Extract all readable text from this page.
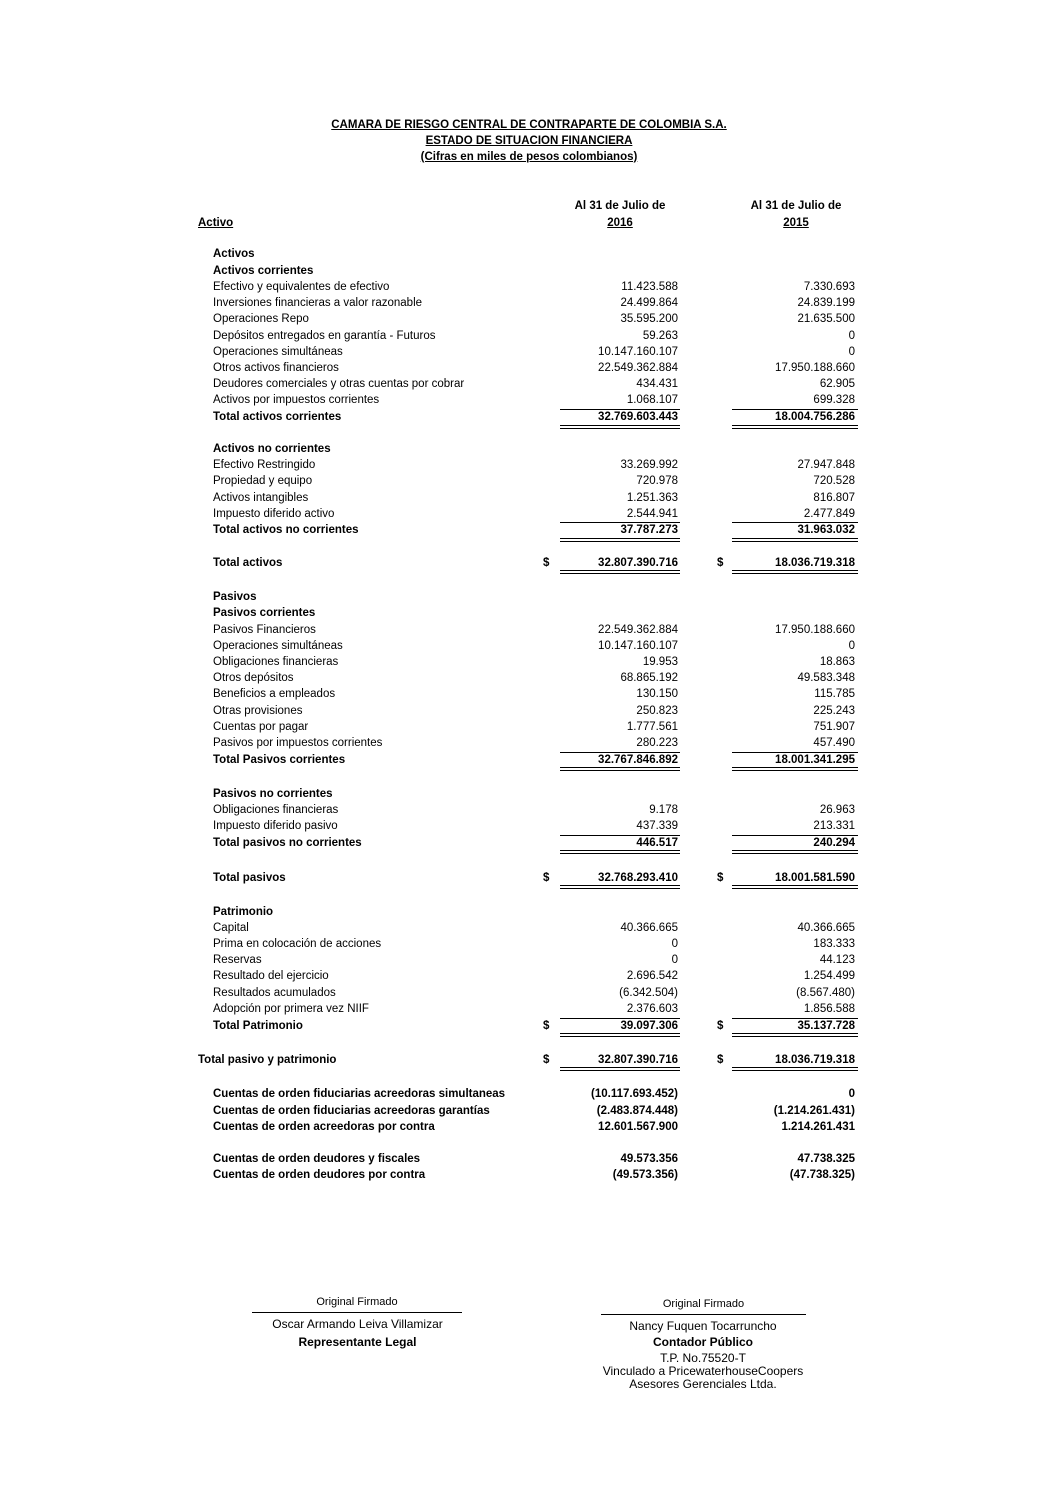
CAMARA DE RIESGO CENTRAL DE CONTRAPARTE DE COLOMBIA S.A.
ESTADO DE SITUACION FINANCIERA
(Cifras en miles de pesos colombianos)
Al 31 de Julio de
2016
Al 31 de Julio de
2015
Activo
Activos
Activos corrientes
Efectivo y equivalentes de efectivo	11.423.588	7.330.693
Inversiones financieras a valor razonable	24.499.864	24.839.199
Operaciones Repo	35.595.200	21.635.500
Depósitos entregados en garantía - Futuros	59.263	0
Operaciones simultáneas	10.147.160.107	0
Otros activos financieros	22.549.362.884	17.950.188.660
Deudores comerciales y otras cuentas por cobrar	434.431	62.905
Activos por impuestos corrientes	1.068.107	699.328
Total activos corrientes	32.769.603.443	18.004.756.286
Activos no corrientes
Efectivo Restringido	33.269.992	27.947.848
Propiedad y equipo	720.978	720.528
Activos intangibles	1.251.363	816.807
Impuesto diferido activo	2.544.941	2.477.849
Total activos no corrientes	37.787.273	31.963.032
Total activos	32.807.390.716	18.036.719.318
$	$
Pasivos
Pasivos corrientes
Pasivos Financieros	22.549.362.884	17.950.188.660
Operaciones simultáneas	10.147.160.107	0
Obligaciones financieras	19.953	18.863
Otros depósitos	68.865.192	49.583.348
Beneficios a empleados	130.150	115.785
Otras provisiones	250.823	225.243
Cuentas por pagar	1.777.561	751.907
Pasivos por impuestos corrientes	280.223	457.490
Total Pasivos corrientes	32.767.846.892	18.001.341.295
Pasivos no corrientes
Obligaciones financieras	9.178	26.963
Impuesto diferido pasivo	437.339	213.331
Total pasivos no corrientes	446.517	240.294
Total pasivos	32.768.293.410	18.001.581.590
$	$
Patrimonio
Capital	40.366.665	40.366.665
Prima en colocación de acciones	0	183.333
Reservas	0	44.123
Resultado del ejercicio	2.696.542	1.254.499
Resultados acumulados	(6.342.504)	(8.567.480)
Adopción por primera vez NIIF	2.376.603	1.856.588
Total Patrimonio	39.097.306	35.137.728
$	$
Total pasivo y patrimonio	32.807.390.716	18.036.719.318
$	$
Cuentas de orden fiduciarias acreedoras simultaneas	(10.117.693.452)	0
Cuentas de orden fiduciarias acreedoras garantías	(2.483.874.448)	(1.214.261.431)
Cuentas de orden acreedoras por contra	12.601.567.900	1.214.261.431
Cuentas de orden deudores y fiscales	49.573.356	47.738.325
Cuentas de orden deudores por contra	(49.573.356)	(47.738.325)
Original Firmado
Oscar Armando Leiva Villamizar
Representante Legal
Original Firmado
Nancy Fuquen Tocarruncho
Contador Público
T.P. No.75520-T
Vinculado a PricewaterhouseCoopers
Asesores Gerenciales Ltda.
